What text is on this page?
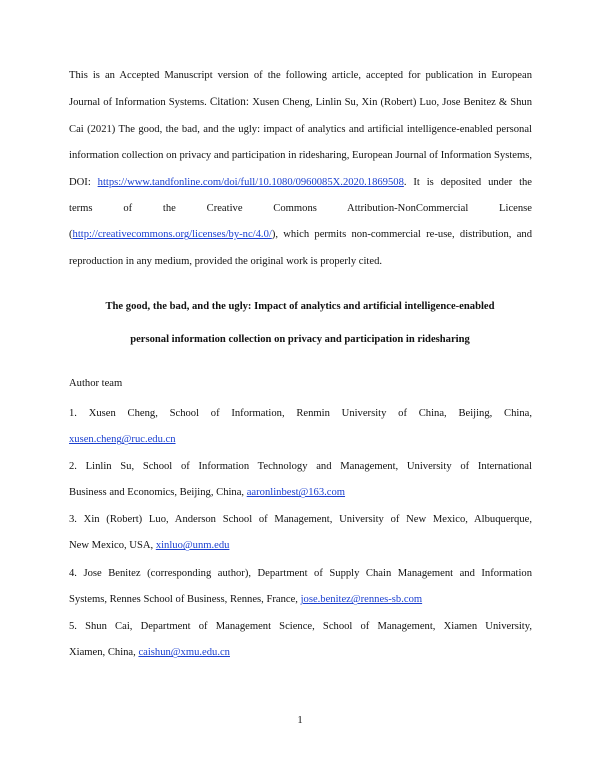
This is an Accepted Manuscript version of the following article, accepted for publication in European Journal of Information Systems. Citation: Xusen Cheng, Linlin Su, Xin (Robert) Luo, Jose Benitez & Shun Cai (2021) The good, the bad, and the ugly: impact of analytics and artificial intelligence-enabled personal information collection on privacy and participation in ridesharing, European Journal of Information Systems, DOI: https://www.tandfonline.com/doi/full/10.1080/0960085X.2020.1869508. It is deposited under the terms of the Creative Commons Attribution-NonCommercial License (http://creativecommons.org/licenses/by-nc/4.0/), which permits non-commercial re-use, distribution, and reproduction in any medium, provided the original work is properly cited.

The good, the bad, and the ugly: Impact of analytics and artificial intelligence-enabled
personal information collection on privacy and participation in ridesharing

Author team

1. Xusen Cheng, School of Information, Renmin University of China, Beijing, China,
xusen.cheng@ruc.edu.cn
2. Linlin Su, School of Information Technology and Management, University of International
Business and Economics, Beijing, China, aaronlinbest@163.com
3. Xin (Robert) Luo, Anderson School of Management, University of New Mexico, Albuquerque,
New Mexico, USA, xinluo@unm.edu
4. Jose Benitez (corresponding author), Department of Supply Chain Management and Information
Systems, Rennes School of Business, Rennes, France, jose.benitez@rennes-sb.com
5. Shun Cai, Department of Management Science, School of Management, Xiamen University,
Xiamen, China, caishun@xmu.edu.cn
1
